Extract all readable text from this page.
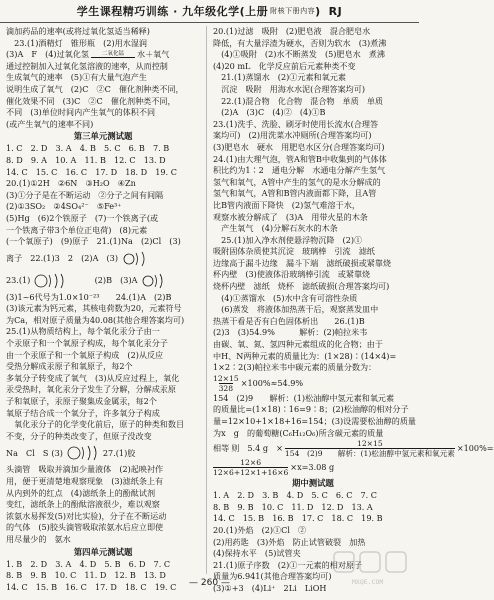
学生课程精巧训练 · 九年级化学(上册 附核下册内容 ) RJ
滴加药品的速率(或将过氧化氢适当稀释)
　23.(1)酒精灯　锥形瓶　(2)用水湿润
(3)A　F　(4)过氧化氢	二氧化锰	水＋氧气
通过控制加入过氧化氢溶液的速率，从而控制
生成氧气的速率　(5)①有大量气泡产生
说明生成了氧气　(2)C　②C　催化剂种类不同，
催化效果不同　(3)C　②C　催化剂种类不同，
不同　(3)单位时间内产生氧气的体积不同
(或产生氧气的速率不同)
第三单元测试题
1. C　2. D　3. A　4. B　5. C　6. B　7. B
8. D　9. A　10. A　11. B　12. C　13. D
14. C　15. C　16. C　17. D　18. D　19. C
20.(1)①2H　②6N　③H₂O　④Zn
(3)①分子是在不断运动　②分子之间有间隔
(2)①3SO₂　②4SO₄²⁻　⑤Fe³⁺
(5)Hg　(6)2个铁原子　(7)一个铁离子(或
一个铁离子带3个单位正电荷)　(8)元素
(一个氧原子)　(9)原子　21.(1)Na　(2)Cl　(3)
离子　22.(1)3　2　(2)A　(3)
23.(1)	　　　(2)B　(3)A
(3)1~6代号为1.0×10⁻²³　　24.(1)A　(2)B
(3)该元素为钙元素，其核电荷数为20，元素符号
为Ca，相对原子质量为40.08(其他合理答案均可)
25.(1)从物质结构上，每个氧化汞分子由一
个汞原子和一个氧原子构成，每个氧化汞分子
由一个汞原子和一个氧原子构成　(2)从反应
受热分解成汞原子和氧原子，每2个
多氧分子转变成了氧气　(3)从反应过程上，氧化
汞受热时，氧化汞分子发生了分解，分解成汞原
子和氧原子，汞原子聚集成金属汞，每2个
氧原子结合成一个氧分子，许多氧分子构成
　氧化汞分子的化学变化前后，原子的种类和数目
不变，分子的种类改变了，但原子没改变
Na　Cl　S (3)	27.(1)胶
头滴管　吸取并滴加少量液体　(2)起映衬作
用，便于更清楚地观察现象　(3)滤纸条上有
从内到外的红点　(4)滤纸条上的酚酞试剂
变红，滤纸条上的酚酞溶液很少，难以观察
浓氨水易挥发(5)对比实验)，分子在不断运动
的气体　(5)胶头滴管吸取浓氨水后应立即使
用尽量少的　氨水
第四单元测试题
1. B　2. D　3. A　4. D　5. B　6. D　7. C
8. B　9. B　10. C　11. D　12. B　13. D
14. C　15. B　16. C　17. D　18. C　19. C
20.(1)过滤　吸附　(2)肥皂液　混合肥皂水
降低，有大量浮渣为硬水，否则为软水　(3)煮沸
　(4)①吸附　(2)水不断蒸发　(5)肥皂水　煮沸
(4)20 mL　化学反应前后元素种类不变
　21.(1)蒸馏水　(2)①元素和氧元素
　沉淀　吸附　用海水水泥(合理答案均可)
　22.(1)混合物　化合物　混合物　单质　单质
　(2)A　(3)C　(4)②　(4)①B
23.(1)洗手、洗脸、刷牙时使用长流水(合理答
案均可)　(2)用洗菜水冲厕所(合理答案均可)
(3)肥皂水　硬水　用肥皂水区分(合理答案均可)
24.(1)由大理气泡，管A和管B中收集到的气体体
积比约为1∶2　通电分解　水通电分解产生氢气
氢气和氧气，A管中产生的氢气的是水分解成的
氢气和氧气，A管和B管内液面都下降，且A管
比B管内液面下降快　(2)氢气难溶于水，
观察水被分解成了　(3)A　用带火星的木条
　产生氧气　(4)分解石灰水的木条
　25.(1)加入净水剂使悬浮物沉降　(2)①
吸附固体杂质使其沉淀　玻璃棒　引流　滤纸
边缘高于漏斗边缘　漏斗下端　滤纸破损或紧靠烧
杯内壁　(3)使液体沿玻璃棒引流　或紧靠烧
烧杯内壁　滤纸　烧杯　滤纸破损(合理答案均可)
　(4)①蒸馏水　(5)水中含有可溶性杂质
　(6)蒸发　将液体加热蒸干后，观察蒸发皿中
热蒸干看是否有白色固体析出　　26.(1)B
(2)3　(3)54.9%　　　解析：(2)帕拉米韦
由碳、氧、氮、氢四种元素组成的化合物；由于
中H、N两种元素的质量比为：(1×28)∶(14×4)=
1×2∶2(3)帕拉米韦中碳元素的质量分数为：
$\frac{12\times 15}{328} \times 100\%\approx 54.9\%$
154　(2)9　　解析：(1)松油醇中氢元素和氧元素
的质量比=(1×18)∶16=9∶8；(2)松油醇的相对分子
量=12×10+1×18+16=154；(3)设需要松油醇的质量
为x　g　的葡萄糖(C₆H₁₂O₆)所含碳元素的质量
相等 则　5.4 g　× $\frac{12\times 15}{\text{154　(2)9　　解析：(1)松油醇中氢元素和氧元素}} \times 100\%=$
$\frac{12\times 6}{12\times 6+12\times 1+16\times 6} \times x=3.08$ g
期中测试题
1. A　2. D　3. B　4. D　5. C　6. C　7. C
8. B　9. B　10. C　11. D　12. D　13. A
14. C　15. B　16. B　17. C　18. C　19. B
20.(1)外焰　(2)①Cl　②
(2)用药匙　(3)外焰　防止试管破裂　加热
(4)保持水平　(5)试管夹
21.(1)原子序数　(2)①一元素的相对原子
质量为6.941(其他合理答案均可)
(3)①+3　(4)Li⁺　2Li　LiOH
— 260 —	MXQE.COM
